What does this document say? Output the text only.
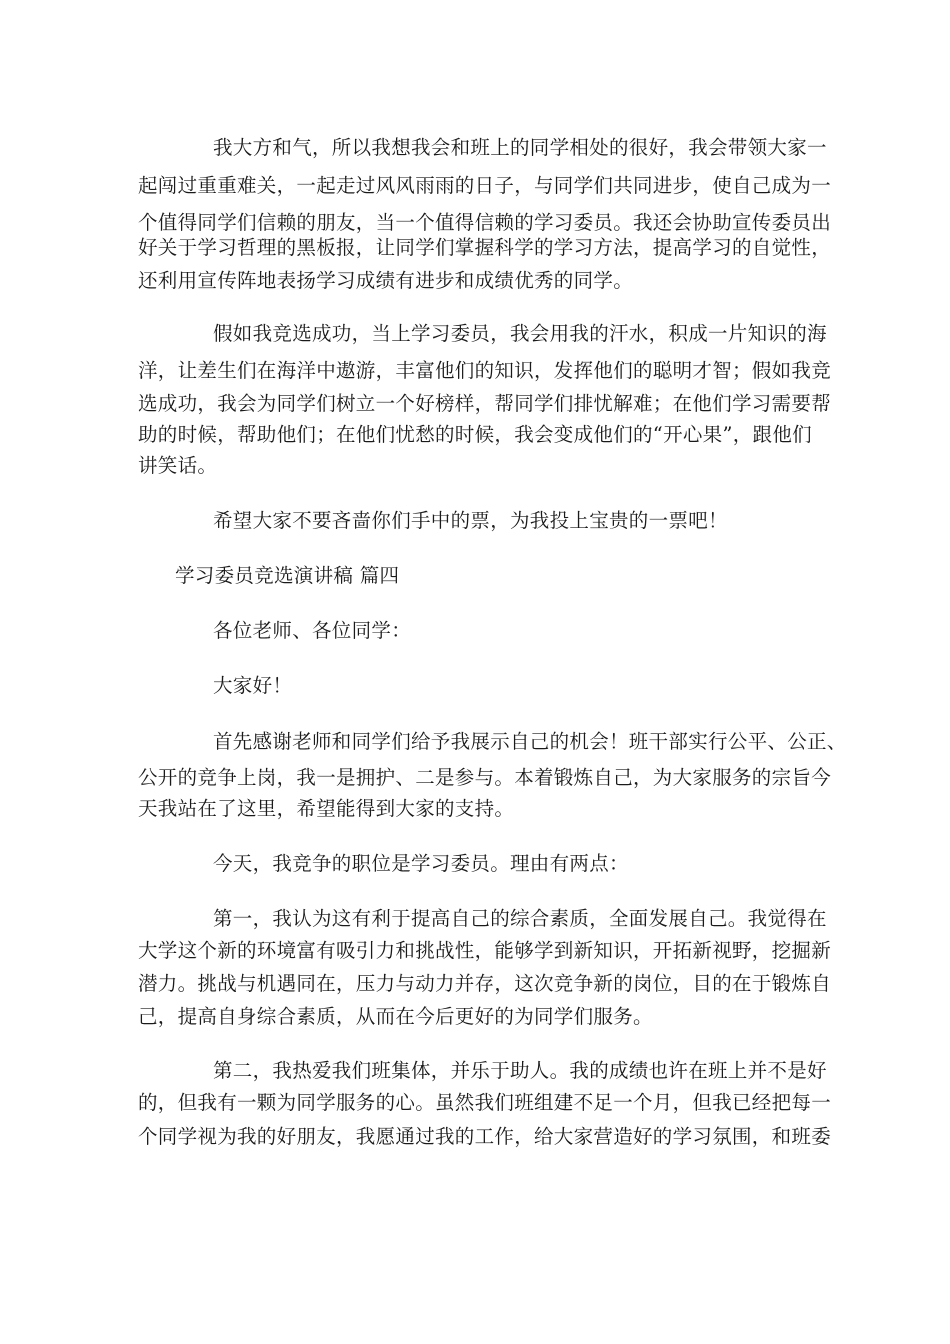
我大方和气，所以我想我会和班上的同学相处的很好，我会带领大家一
起闯过重重难关，一起走过风风雨雨的日子，与同学们共同进步，使自己成为一
个值得同学们信赖的朋友，当一个值得信赖的学习委员。我还会协助宣传委员出
好关于学习哲理的黑板报，让同学们掌握科学的学习方法，提高学习的自觉性，
还利用宣传阵地表扬学习成绩有进步和成绩优秀的同学。
假如我竞选成功，当上学习委员，我会用我的汗水，积成一片知识的海
洋，让差生们在海洋中遨游，丰富他们的知识，发挥他们的聪明才智；假如我竞
选成功，我会为同学们树立一个好榜样，帮同学们排忧解难；在他们学习需要帮
助的时候，帮助他们；在他们忧愁的时候，我会变成他们的“开心果”，跟他们
讲笑话。
希望大家不要吝啬你们手中的票，为我投上宝贵的一票吧！
学习委员竞选演讲稿 篇四
各位老师、各位同学：
大家好！
首先感谢老师和同学们给予我展示自己的机会！班干部实行公平、公正、
公开的竞争上岗，我一是拥护、二是参与。本着锻炼自己，为大家服务的宗旨今
天我站在了这里，希望能得到大家的支持。
今天，我竞争的职位是学习委员。理由有两点：
第一，我认为这有利于提高自己的综合素质，全面发展自己。我觉得在
大学这个新的环境富有吸引力和挑战性，能够学到新知识，开拓新视野，挖掘新
潜力。挑战与机遇同在，压力与动力并存，这次竞争新的岗位，目的在于锻炼自
己，提高自身综合素质，从而在今后更好的为同学们服务。
第二，我热爱我们班集体，并乐于助人。我的成绩也许在班上并不是好
的，但我有一颗为同学服务的心。虽然我们班组建不足一个月，但我已经把每一
个同学视为我的好朋友，我愿通过我的工作，给大家营造好的学习氛围，和班委
